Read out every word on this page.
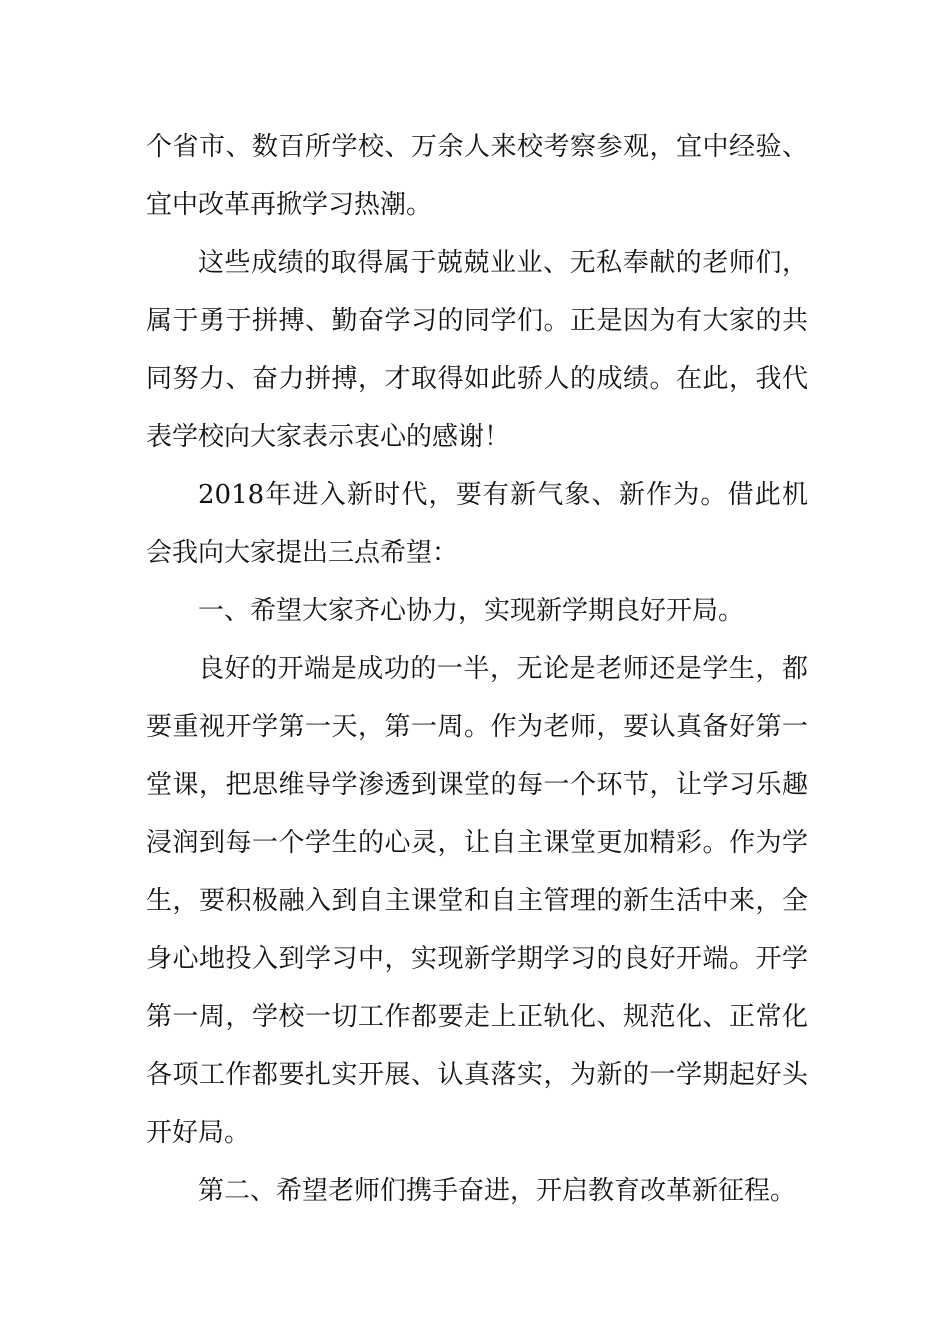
个省市、数百所学校、万余人来校考察参观，宜中经验、宜中改革再掀学习热潮。

这些成绩的取得属于兢兢业业、无私奉献的老师们，属于勇于拼搏、勤奋学习的同学们。正是因为有大家的共同努力、奋力拼搏，才取得如此骄人的成绩。在此，我代表学校向大家表示衷心的感谢！

2018年进入新时代，要有新气象、新作为。借此机会我向大家提出三点希望：

一、希望大家齐心协力，实现新学期良好开局。

良好的开端是成功的一半，无论是老师还是学生，都要重视开学第一天，第一周。作为老师，要认真备好第一堂课，把思维导学渗透到课堂的每一个环节，让学习乐趣浸润到每一个学生的心灵，让自主课堂更加精彩。作为学生，要积极融入到自主课堂和自主管理的新生活中来，全身心地投入到学习中，实现新学期学习的良好开端。开学第一周，学校一切工作都要走上正轨化、规范化、正常化各项工作都要扎实开展、认真落实，为新的一学期起好头开好局。

第二、希望老师们携手奋进，开启教育改革新征程。
